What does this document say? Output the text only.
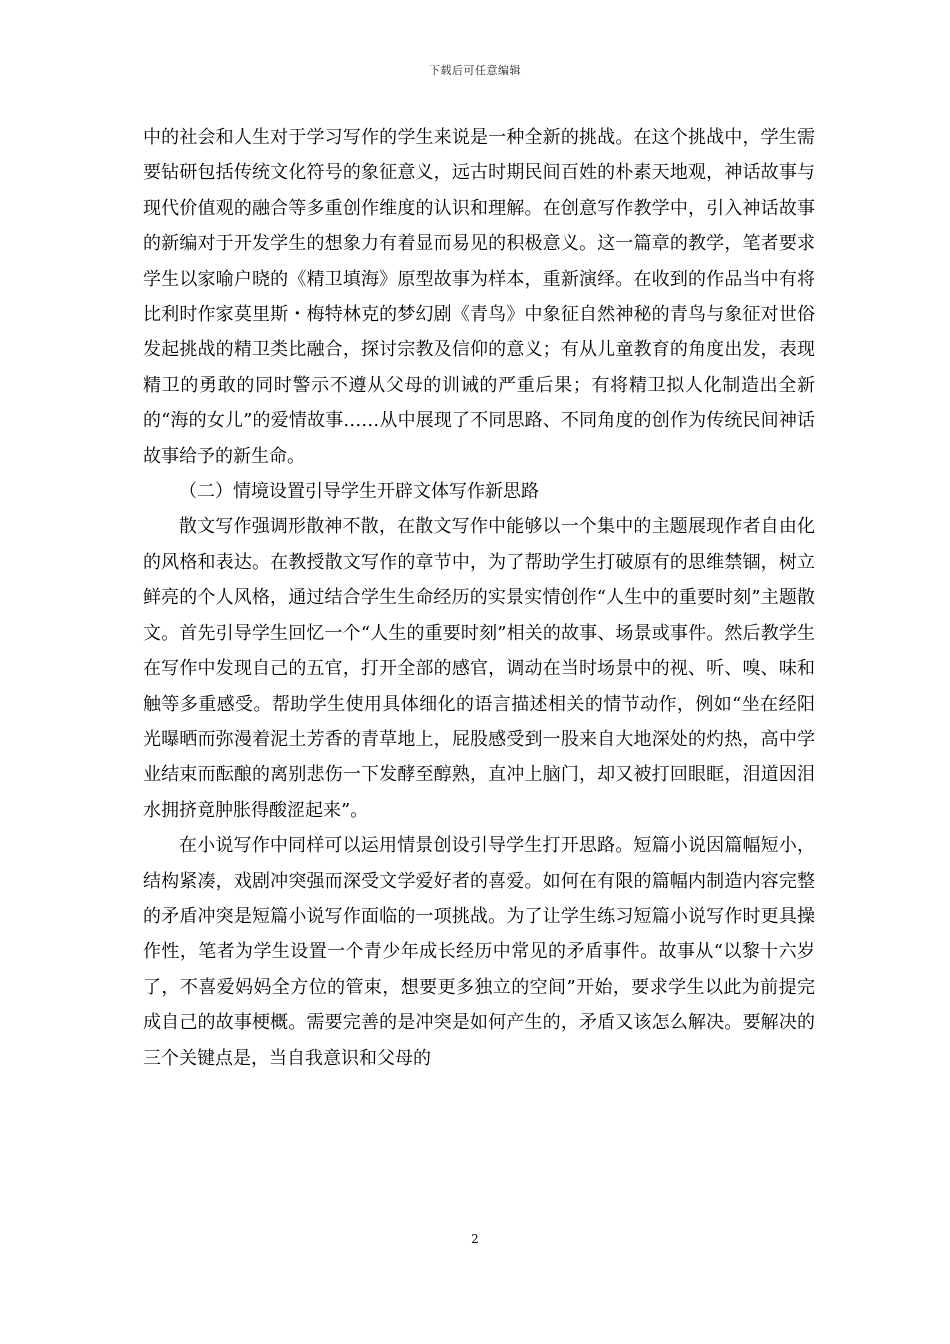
下载后可任意编辑

中的社会和人生对于学习写作的学生来说是一种全新的挑战。在这个挑战中，学生需要钻研包括传统文化符号的象征意义，远古时期民间百姓的朴素天地观，神话故事与现代价值观的融合等多重创作维度的认识和理解。在创意写作教学中，引入神话故事的新编对于开发学生的想象力有着显而易见的积极意义。这一篇章的教学，笔者要求学生以家喻户晓的《精卫填海》原型故事为样本，重新演绎。在收到的作品当中有将比利时作家莫里斯・梅特林克的梦幻剧《青鸟》中象征自然神秘的青鸟与象征对世俗发起挑战的精卫类比融合，探讨宗教及信仰的意义；有从儿童教育的角度出发，表现精卫的勇敢的同时警示不遵从父母的训诫的严重后果；有将精卫拟人化制造出全新的“海的女儿”的爱情故事……从中展现了不同思路、不同角度的创作为传统民间神话故事给予的新生命。

（二）情境设置引导学生开辟文体写作新思路

散文写作强调形散神不散，在散文写作中能够以一个集中的主题展现作者自由化的风格和表达。在教授散文写作的章节中，为了帮助学生打破原有的思维禁锢，树立鲜亮的个人风格，通过结合学生生命经历的实景实情创作“人生中的重要时刻”主题散文。首先引导学生回忆一个“人生的重要时刻”相关的故事、场景或事件。然后教学生在写作中发现自己的五官，打开全部的感官，调动在当时场景中的视、听、嗅、味和触等多重感受。帮助学生使用具体细化的语言描述相关的情节动作，例如“坐在经阳光曝晒而弥漫着泥土芳香的青草地上，屁股感受到一股来自大地深处的灼热，高中学业结束而酝酿的离别悲伤一下发酵至醇熟，直冲上脑门，却又被打回眼眶，泪道因泪水拥挤竟肿胀得酸涩起来”。

在小说写作中同样可以运用情景创设引导学生打开思路。短篇小说因篇幅短小，结构紧凑，戏剧冲突强而深受文学爱好者的喜爱。如何在有限的篇幅内制造内容完整的矛盾冲突是短篇小说写作面临的一项挑战。为了让学生练习短篇小说写作时更具操作性，笔者为学生设置一个青少年成长经历中常见的矛盾事件。故事从“以黎十六岁了，不喜爱妈妈全方位的管束，想要更多独立的空间”开始，要求学生以此为前提完成自己的故事梗概。需要完善的是冲突是如何产生的，矛盾又该怎么解决。要解决的三个关键点是，当自我意识和父母的

2
